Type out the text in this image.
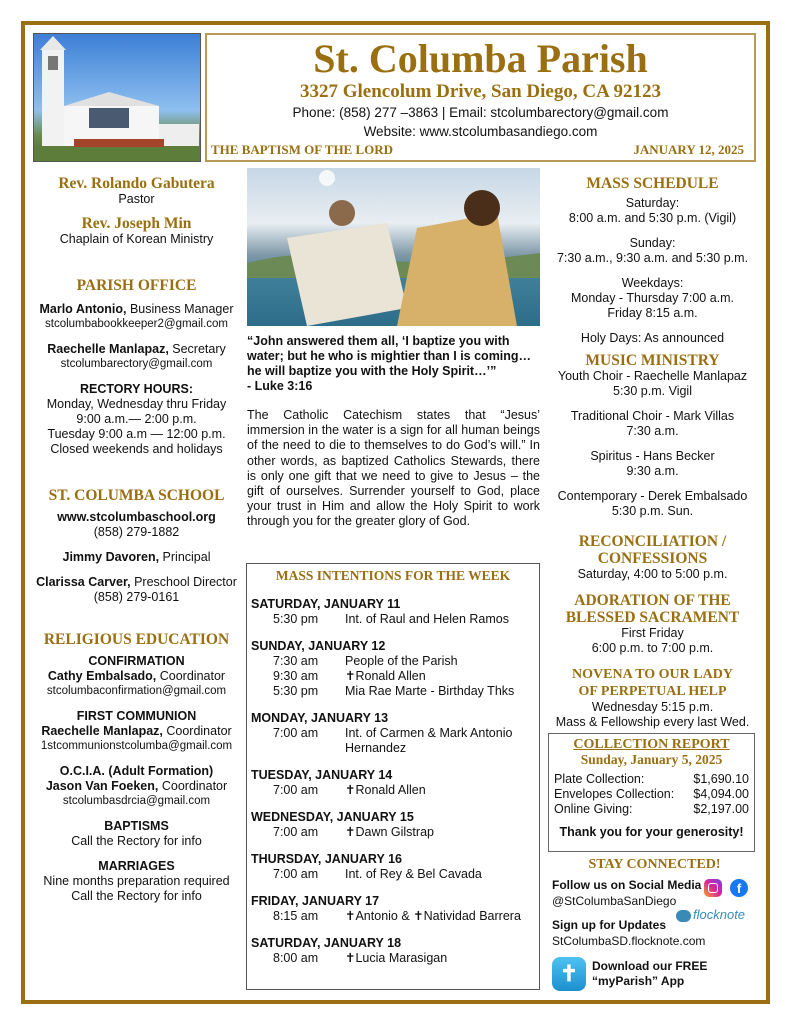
St. Columba Parish
3327 Glencolum Drive, San Diego, CA 92123
Phone: (858) 277 –3863 | Email: stcolumbarectory@gmail.com
Website: www.stcolumbasandiego.com
THE BAPTISM OF THE LORD	JANUARY 12, 2025
Rev. Rolando Gabutera
Pastor
Rev. Joseph Min
Chaplain of Korean Ministry
PARISH OFFICE
Marlo Antonio, Business Manager
stcolumbabookkeeper2@gmail.com
Raechelle Manlapaz, Secretary
stcolumbarectory@gmail.com
RECTORY HOURS:
Monday, Wednesday thru Friday
9:00 a.m.— 2:00 p.m.
Tuesday 9:00 a.m — 12:00 p.m.
Closed weekends and holidays
ST. COLUMBA SCHOOL
www.stcolumbaschool.org
(858) 279-1882
Jimmy Davoren, Principal
Clarissa Carver, Preschool Director
(858) 279-0161
RELIGIOUS EDUCATION
CONFIRMATION
Cathy Embalsado, Coordinator
stcolumbaconfirmation@gmail.com
FIRST COMMUNION
Raechelle Manlapaz, Coordinator
1stcommunionstcolumba@gmail.com
O.C.I.A. (Adult Formation)
Jason Van Foeken, Coordinator
stcolumbasdrcia@gmail.com
BAPTISMS
Call the Rectory for info
MARRIAGES
Nine months preparation required
Call the Rectory for info
“John answered them all, ‘I baptize you with water; but he who is mightier than I is coming… he will baptize you with the Holy Spirit…’”
- Luke 3:16
The Catholic Catechism states that “Jesus’ immersion in the water is a sign for all human beings of the need to die to themselves to do God’s will.” In other words, as baptized Catholics Stewards, there is only one gift that we need to give to Jesus – the gift of ourselves. Surrender yourself to God, place your trust in Him and allow the Holy Spirit to work through you for the greater glory of God.
MASS INTENTIONS FOR THE WEEK
SATURDAY, JANUARY 11
5:30 pm	Int. of Raul and Helen Ramos
SUNDAY, JANUARY 12
7:30 am	People of the Parish
9:30 am	✝Ronald Allen
5:30 pm	Mia Rae Marte - Birthday Thks
MONDAY, JANUARY 13
7:00 am	Int. of Carmen & Mark Antonio Hernandez
TUESDAY, JANUARY 14
7:00 am	✝Ronald Allen
WEDNESDAY, JANUARY 15
7:00 am	✝Dawn Gilstrap
THURSDAY, JANUARY 16
7:00 am	Int. of Rey & Bel Cavada
FRIDAY, JANUARY 17
8:15 am	✝Antonio & ✝Natividad Barrera
SATURDAY, JANUARY 18
8:00 am	✝Lucia Marasigan
MASS SCHEDULE
Saturday:
8:00 a.m. and 5:30 p.m. (Vigil)
Sunday:
7:30 a.m., 9:30 a.m. and 5:30 p.m.
Weekdays:
Monday - Thursday 7:00 a.m.
Friday 8:15 a.m.
Holy Days: As announced
MUSIC MINISTRY
Youth Choir - Raechelle Manlapaz
5:30 p.m. Vigil
Traditional Choir - Mark Villas
7:30 a.m.
Spiritus - Hans Becker
9:30 a.m.
Contemporary - Derek Embalsado
5:30 p.m. Sun.
RECONCILIATION /
CONFESSIONS
Saturday, 4:00 to 5:00 p.m.
ADORATION OF THE
BLESSED SACRAMENT
First Friday
6:00 p.m. to 7:00 p.m.
NOVENA TO OUR LADY
OF PERPETUAL HELP
Wednesday 5:15 p.m.
Mass & Fellowship every last Wed.
COLLECTION REPORT
Sunday, January 5, 2025
Plate Collection:	$1,690.10
Envelopes Collection: $4,094.00
Online Giving:	$2,197.00
Thank you for your generosity!
STAY CONNECTED!
Follow us on Social Media
@StColumbaSanDiego
f
Sign up for Updates
StColumbaSD.flocknote.com
flocknote
✝	Download our FREE
“myParish” App
